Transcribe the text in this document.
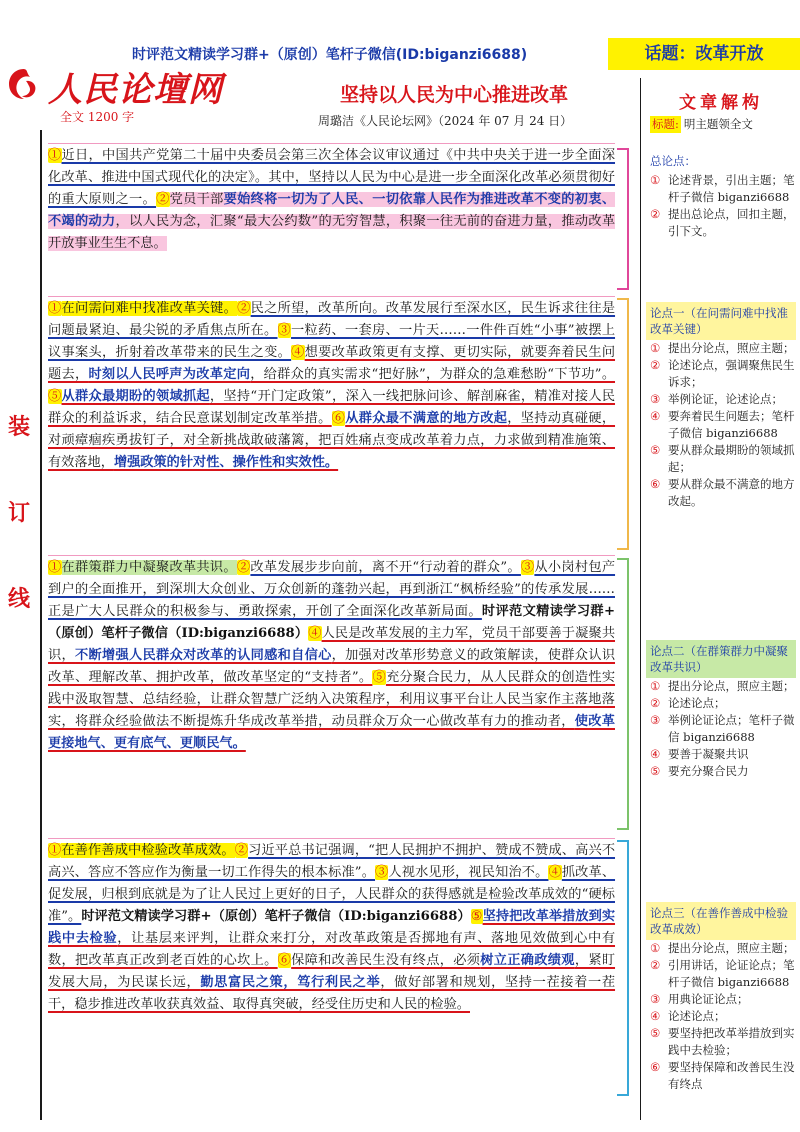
时评范文精读学习群+（原创）笔杆子微信(ID:biganzi6688)	话题：改革开放
人民论壇网
全文 1200 字
坚持以人民为中心推进改革
周璐洁《人民论坛网》（2024 年 07 月 24 日）
装
订
线
①近日，中国共产党第二十届中央委员会第三次全体会议审议通过《中共中央关于进一步全面深化改革、推进中国式现代化的决定》。其中，坚持以人民为中心是进一步全面深化改革必须贯彻好的重大原则之一。②党员干部要始终将一切为了人民、一切依靠人民作为推进改革不变的初衷、不竭的动力，以人民为念，汇聚“最大公约数”的无穷智慧，积聚一往无前的奋进力量，推动改革开放事业生生不息。
①在问需问难中找准改革关键。②民之所望，改革所向。改革发展行至深水区，民生诉求往往是问题最紧迫、最尖锐的矛盾焦点所在。③一粒药、一套房、一片天……一件件百姓“小事”被摆上议事案头，折射着改革带来的民生之变。④想要改革政策更有支撑、更切实际，就要奔着民生问题去，时刻以人民呼声为改革定向，给群众的真实需求“把好脉”，为群众的急难愁盼“下节功”。⑤从群众最期盼的领域抓起，坚持“开门定政策”，深入一线把脉问诊、解剖麻雀，精准对接人民群众的利益诉求，结合民意谋划制定改革举措。⑥从群众最不满意的地方改起，坚持动真碰硬，对顽瘴痼疾勇拔钉子，对全新挑战敢破藩篱，把百姓痛点变成改革着力点，力求做到精准施策、有效落地，增强政策的针对性、操作性和实效性。
①在群策群力中凝聚改革共识。②改革发展步步向前，离不开“行动着的群众”。③从小岗村包产到户的全面推开，到深圳大众创业、万众创新的蓬勃兴起，再到浙江“枫桥经验”的传承发展……正是广大人民群众的积极参与、勇敢探索，开创了全面深化改革新局面。时评范文精读学习群+（原创）笔杆子微信（ID:biganzi6688）④人民是改革发展的主力军，党员干部要善于凝聚共识，不断增强人民群众对改革的认同感和自信心，加强对改革形势意义的政策解读，使群众认识改革、理解改革、拥护改革，做改革坚定的“支持者”。⑤充分聚合民力，从人民群众的创造性实践中汲取智慧、总结经验，让群众智慧广泛纳入决策程序，利用议事平台让人民当家作主落地落实，将群众经验做法不断提炼升华成改革举措，动员群众万众一心做改革有力的推动者，使改革更接地气、更有底气、更顺民气。
①在善作善成中检验改革成效。②习近平总书记强调，“把人民拥护不拥护、赞成不赞成、高兴不高兴、答应不答应作为衡量一切工作得失的根本标准”。③人视水见形，视民知治不。④抓改革、促发展，归根到底就是为了让人民过上更好的日子，人民群众的获得感就是检验改革成效的“硬标准”。时评范文精读学习群+（原创）笔杆子微信（ID:biganzi6688）⑤坚持把改革举措放到实践中去检验，让基层来评判，让群众来打分，对改革政策是否掷地有声、落地见效做到心中有数，把改革真正改到老百姓的心坎上。⑥保障和改善民生没有终点，必须树立正确政绩观，紧盯发展大局，为民谋长远，勤思富民之策，笃行利民之举，做好部署和规划，坚持一茬接着一茬干，稳步推进改革收获真效益、取得真突破，经受住历史和人民的检验。
文章解构
标题: 明主题领全文
总论点：
① 论述背景，引出主题；笔杆子微信 biganzi6688
② 提出总论点，回扣主题，引下文。
论点一（在问需问难中找准改革关键）
① 提出分论点，照应主题；
② 论述论点，强调聚焦民生诉求；
③ 举例论证，论述论点；
④ 要奔着民生问题去；笔杆子微信 biganzi6688
⑤ 要从群众最期盼的领域抓起；
⑥ 要从群众最不满意的地方改起。
论点二（在群策群力中凝聚改革共识）
① 提出分论点，照应主题；
② 论述论点；
③ 举例论证论点；笔杆子微信 biganzi6688
④ 要善于凝聚共识
⑤ 要充分聚合民力
论点三（在善作善成中检验改革成效）
① 提出分论点，照应主题；
② 引用讲话，论证论点；笔杆子微信 biganzi6688
③ 用典论证论点；
④ 论述论点；
⑤ 要坚持把改革举措放到实践中去检验；
⑥ 要坚持保障和改善民生没有终点
